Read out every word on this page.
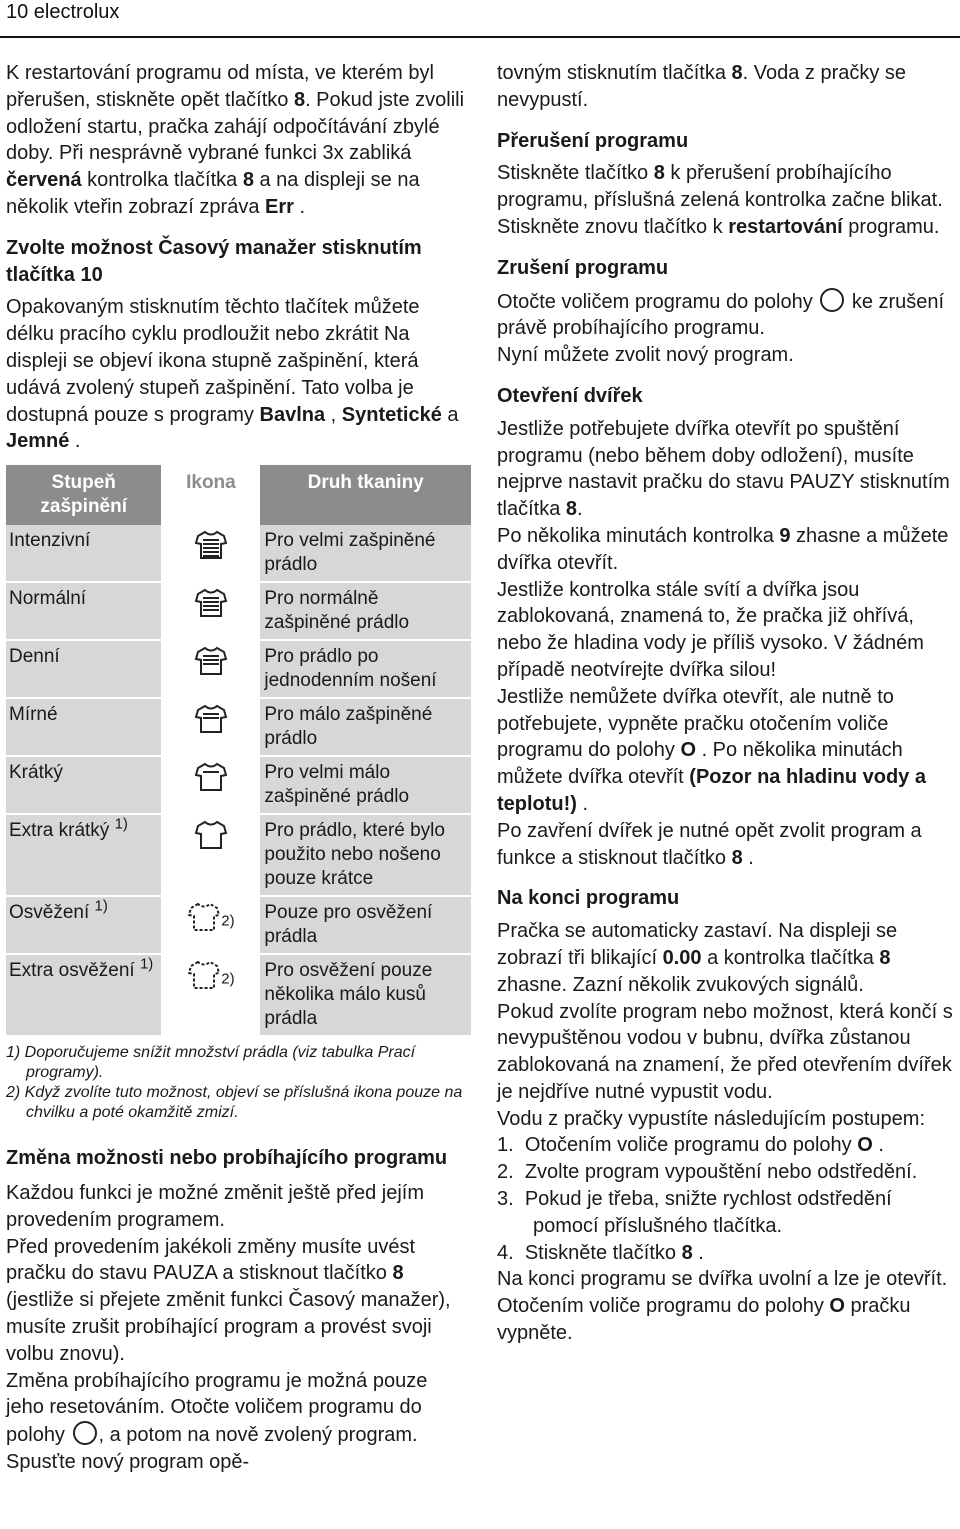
10 electrolux

K restartování programu od místa, ve kterém byl přerušen, stiskněte opět tlačítko 8. Pokud jste zvolili odložení startu, pračka zahájí odpočítávání zbylé doby. Při nesprávně vybrané funkci 3x zabliká červená kontrolka tlačítka 8 a na displeji se na několik vteřin zobrazí zpráva Err .

Zvolte možnost Časový manažer stisknutím tlačítka 10

Opakovaným stisknutím těchto tlačítek můžete délku pracího cyklu prodloužit nebo zkrátit Na displeji se objeví ikona stupně zašpinění, která udává zvolený stupeň zašpinění. Tato volba je dostupná pouze s programy Bavlna , Syntetické a Jemné .

Stupeň zašpinění	Ikona	Druh tkaniny
Intenzivní		Pro velmi zašpiněné prádlo
Normální		Pro normálně zašpiněné prádlo
Denní		Pro prádlo po jednodenním nošení
Mírné		Pro málo zašpiněné prádlo
Krátký		Pro velmi málo zašpiněné prádlo
Extra krátký $^{1)}$		Pro prádlo, které bylo použito nebo nošeno pouze krátce
Osvěžení $^{1)}$	$^{2)}$	Pouze pro osvěžení prádla
Extra osvěžení $^{1)}$	$^{2)}$	Pro osvěžení pouze několika málo kusů prádla
1) Doporučujeme snížit množství prádla (viz tabulka Prací programy).
2) Když zvolíte tuto možnost, objeví se příslušná ikona pouze na chvilku a poté okamžitě zmizí.
Změna možnosti nebo probíhajícího programu

Každou funkci je možné změnit ještě před jejím provedením programem.

Před provedením jakékoli změny musíte uvést pračku do stavu PAUZA a stisknout tlačítko 8 (jestliže si přejete změnit funkci Časový manažer), musíte zrušit probíhající program a provést svoji volbu znovu).

Změna probíhajícího programu je možná pouze jeho resetováním. Otočte voličem programu do polohy , a potom na nově zvolený program. Spusťte nový program opě-

tovným stisknutím tlačítka 8. Voda z pračky se nevypustí.

Přerušení programu

Stiskněte tlačítko 8 k přerušení probíhajícího programu, příslušná zelená kontrolka začne blikat.

Stiskněte znovu tlačítko k restartování programu.

Zrušení programu

Otočte voličem programu do polohy  ke zrušení právě probíhajícího programu.

Nyní můžete zvolit nový program.

Otevření dvířek

Jestliže potřebujete dvířka otevřít po spuštění programu (nebo během doby odložení), musíte nejprve nastavit pračku do stavu PAUZY stisknutím tlačítka 8.

Po několika minutách kontrolka 9 zhasne a můžete dvířka otevřít.

Jestliže kontrolka stále svítí a dvířka jsou zablokovaná, znamená to, že pračka již ohřívá, nebo že hladina vody je příliš vysoko. V žádném případě neotvírejte dvířka silou!

Jestliže nemůžete dvířka otevřít, ale nutně to potřebujete, vypněte pračku otočením voliče programu do polohy O . Po několika minutách můžete dvířka otevřít (Pozor na hladinu vody a teplotu!) .

Po zavření dvířek je nutné opět zvolit program a funkce a stisknout tlačítko 8 .

Na konci programu

Pračka se automaticky zastaví. Na displeji se zobrazí tři blikající 0.00 a kontrolka tlačítka 8 zhasne. Zazní několik zvukových signálů.

Pokud zvolíte program nebo možnost, která končí s nevypuštěnou vodou v bubnu, dvířka zůstanou zablokovaná na znamení, že před otevřením dvířek je nejdříve nutné vypustit vodu.

Vodu z pračky vypustíte následujícím postupem:

1. Otočením voliče programu do polohy O .
2. Zvolte program vypouštění nebo odstředění.
3. Pokud je třeba, snižte rychlost odstředění pomocí příslušného tlačítka.
4. Stiskněte tlačítko 8 .

Na konci programu se dvířka uvolní a lze je otevřít. Otočením voliče programu do polohy O pračku vypněte.
